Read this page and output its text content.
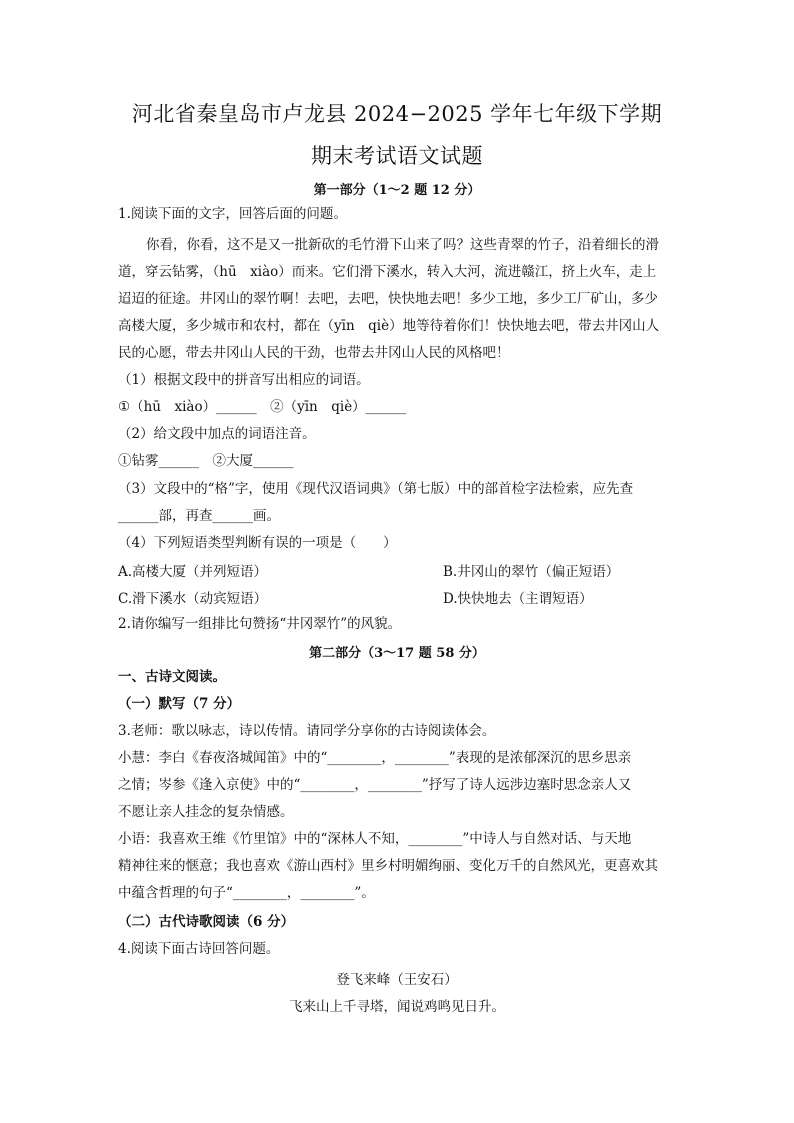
河北省秦皇岛市卢龙县 2024−2025 学年七年级下学期
期末考试语文试题
第一部分（1～2 题 12 分）
1.阅读下面的文字，回答后面的问题。
你看，你看，这不是又一批新砍的毛竹滑下山来了吗？这些青翠的竹子，沿着细长的滑
道，穿云钻雾，（hū　xiào）而来。它们滑下溪水，转入大河，流进赣江，挤上火车，走上
迢迢的征途。井冈山的翠竹啊！去吧，去吧，快快地去吧！多少工地，多少工厂矿山，多少
高楼大厦，多少城市和农村，都在（yīn　qiè）地等待着你们！快快地去吧，带去井冈山人
民的心愿，带去井冈山人民的干劲，也带去井冈山人民的风格吧！
（1）根据文段中的拼音写出相应的词语。
①（hū　xiào）______　②（yīn　qiè）______
（2）给文段中加点的词语注音。
①钻雾______　②大厦______
（3）文段中的“格”字，使用《现代汉语词典》（第七版）中的部首检字法检索，应先查
______部，再查______画。
（4）下列短语类型判断有误的一项是（　　）
A.高楼大厦（并列短语）	B.井冈山的翠竹（偏正短语）
C.滑下溪水（动宾短语）	D.快快地去（主谓短语）
2.请你编写一组排比句赞扬“井冈翠竹”的风貌。
第二部分（3～17 题 58 分）
一、古诗文阅读。
（一）默写（7 分）
3.老师：歌以咏志，诗以传情。请同学分享你的古诗阅读体会。
小慧：李白《春夜洛城闻笛》中的“________，________”表现的是浓郁深沉的思乡思亲
之情；岑参《逢入京使》中的“________，________”抒写了诗人远涉边塞时思念亲人又
不愿让亲人挂念的复杂情感。
小语：我喜欢王维《竹里馆》中的“深林人不知，________”中诗人与自然对话、与天地
精神往来的惬意；我也喜欢《游山西村》里乡村明媚绚丽、变化万千的自然风光，更喜欢其
中蕴含哲理的句子“________，________”。
（二）古代诗歌阅读（6 分）
4.阅读下面古诗回答问题。
登飞来峰（王安石）
飞来山上千寻塔，闻说鸡鸣见日升。
